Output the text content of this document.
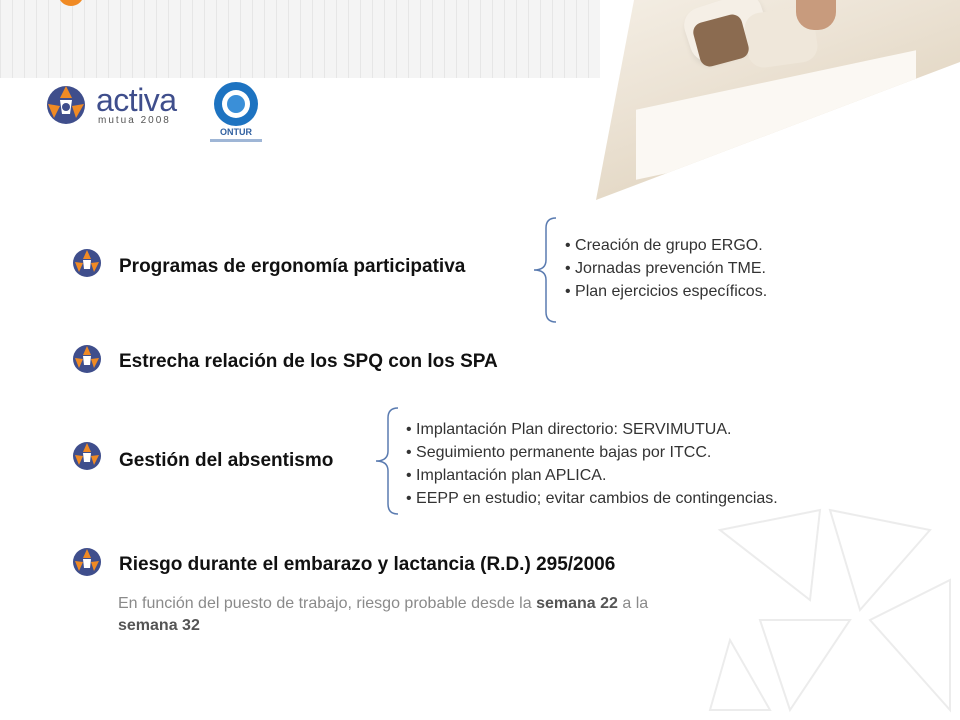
activa
mutua 2008
ONTUR
Programas de ergonomía participativa
• Creación de grupo ERGO.
• Jornadas prevención TME.
• Plan ejercicios específicos.
Estrecha relación de los SPQ con los SPA
Gestión del absentismo
• Implantación Plan directorio: SERVIMUTUA.
• Seguimiento permanente bajas por ITCC.
• Implantación plan APLICA.
• EEPP en estudio; evitar cambios de contingencias.
Riesgo durante el embarazo y lactancia (R.D.) 295/2006
En función del puesto de trabajo, riesgo probable desde la semana 22 a la
semana 32
